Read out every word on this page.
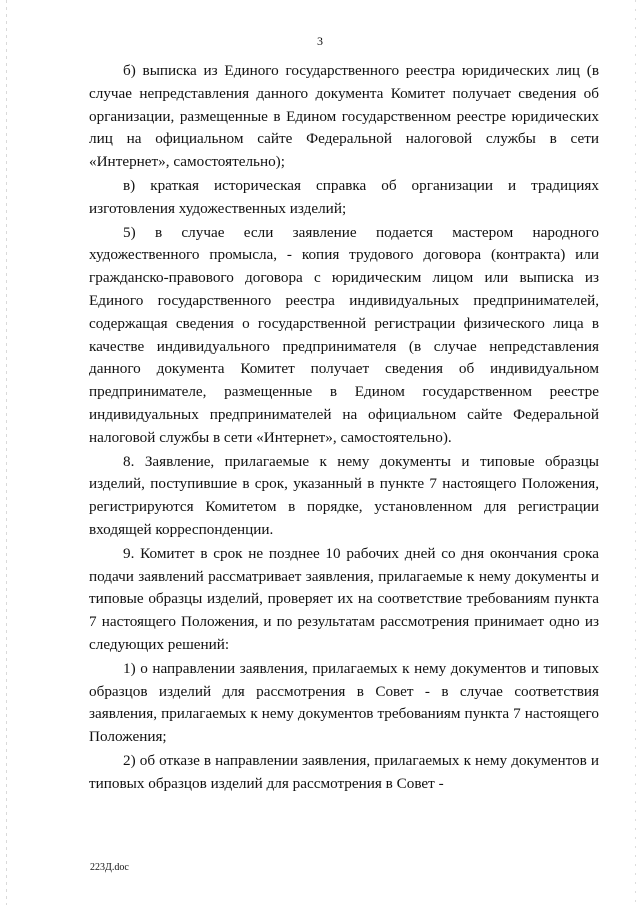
3

б) выписка из Единого государственного реестра юридических лиц (в случае непредставления данного документа Комитет получает сведения об организации, размещенные в Едином государственном реестре юридических лиц на официальном сайте Федеральной налоговой службы в сети «Интернет», самостоятельно);

в) краткая историческая справка об организации и традициях изготовления художественных изделий;

5) в случае если заявление подается мастером народного художественного промысла, - копия трудового договора (контракта) или гражданско-правового договора с юридическим лицом или выписка из Единого государственного реестра индивидуальных предпринимателей, содержащая сведения о государственной регистрации физического лица в качестве индивидуального предпринимателя (в случае непредставления данного документа Комитет получает сведения об индивидуальном предпринимателе, размещенные в Едином государственном реестре индивидуальных предпринимателей на официальном сайте Федеральной налоговой службы в сети «Интернет», самостоятельно).

8. Заявление, прилагаемые к нему документы и типовые образцы изделий, поступившие в срок, указанный в пункте 7 настоящего Положения, регистрируются Комитетом в порядке, установленном для регистрации входящей корреспонденции.

9. Комитет в срок не позднее 10 рабочих дней со дня окончания срока подачи заявлений рассматривает заявления, прилагаемые к нему документы и типовые образцы изделий, проверяет их на соответствие требованиям пункта 7 настоящего Положения, и по результатам рассмотрения принимает одно из следующих решений:

1) о направлении заявления, прилагаемых к нему документов и типовых образцов изделий для рассмотрения в Совет - в случае соответствия заявления, прилагаемых к нему документов требованиям пункта 7 настоящего Положения;

2) об отказе в направлении заявления, прилагаемых к нему документов и типовых образцов изделий для рассмотрения в Совет -

223Д.doc
